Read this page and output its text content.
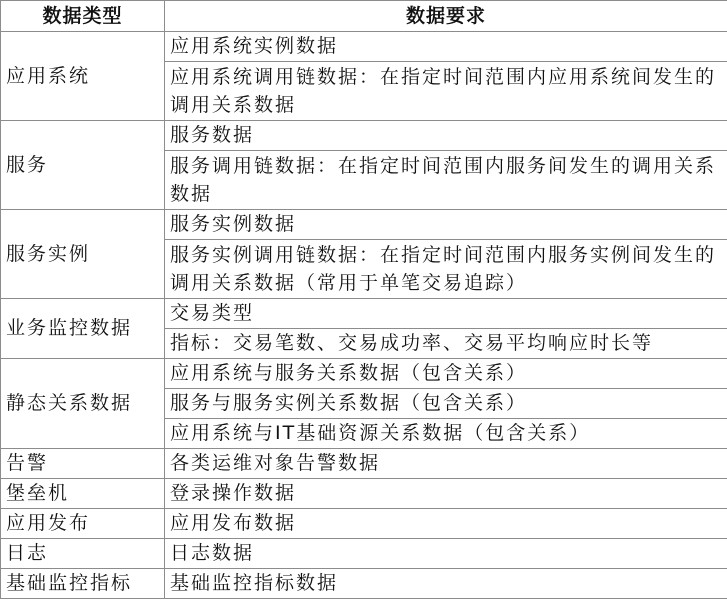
数据类型	数据要求
应用系统	应用系统实例数据
	应用系统调用链数据：在指定时间范围内应用系统间发生的调用关系数据
服务	服务数据
	服务调用链数据：在指定时间范围内服务间发生的调用关系数据
服务实例	服务实例数据
	服务实例调用链数据：在指定时间范围内服务实例间发生的调用关系数据（常用于单笔交易追踪）
业务监控数据	交易类型
	指标：交易笔数、交易成功率、交易平均响应时长等
静态关系数据	应用系统与服务关系数据（包含关系）
	服务与服务实例关系数据（包含关系）
	应用系统与IT基础资源关系数据（包含关系）
告警	各类运维对象告警数据
堡垒机	登录操作数据
应用发布	应用发布数据
日志	日志数据
基础监控指标	基础监控指标数据
